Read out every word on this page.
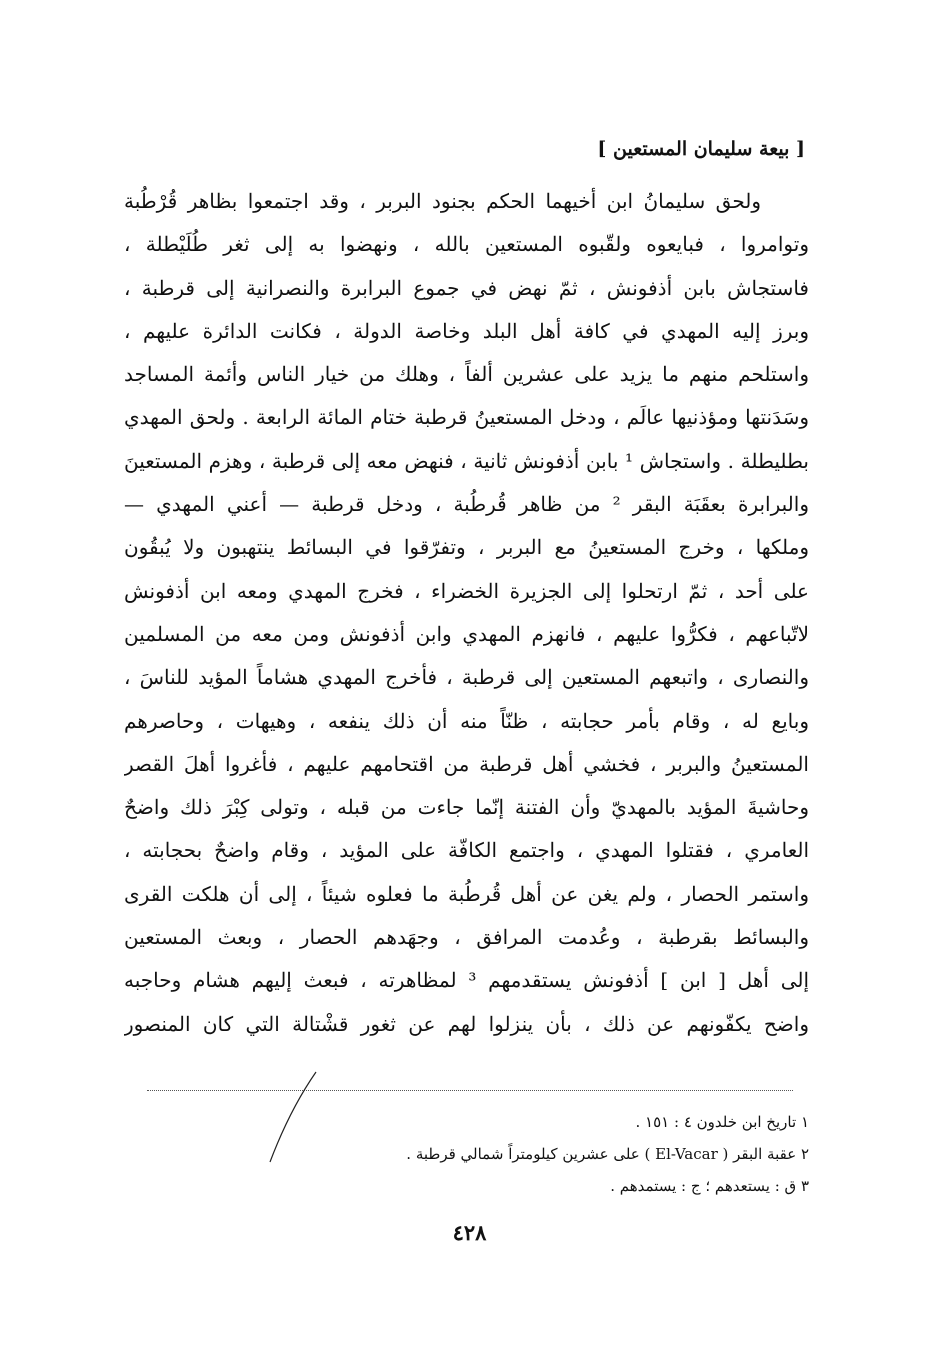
[ بيعة سليمان المستعين ]
ولحق سليمانُ ابن أخيهما الحكم بجنود البربر ، وقد اجتمعوا بظاهر قُرْطُبة
وتوامروا ، فبايعوه ولقّبوه المستعين بالله ، ونهضوا به إلى ثغر طُلَيْطلة ،
فاستجاش بابن أذفونش ، ثمّ نهض في جموع البرابرة والنصرانية إلى قرطبة ،
وبرز إليه المهدي في كافة أهل البلد وخاصة الدولة ، فكانت الدائرة عليهم ،
واستلحم منهم ما يزيد على عشرين ألفاً ، وهلك من خيار الناس وأئمة المساجد
وسَدَنتها ومؤذنيها عالَم ، ودخل المستعينُ قرطبة ختام المائة الرابعة . ولحق المهدي
بطليطلة . واستجاش ¹ بابن أذفونش ثانية ، فنهض معه إلى قرطبة ، وهزم المستعينَ
والبرابرة بعقَبَة البقر ² من ظاهر قُرطُبة ، ودخل قرطبة — أعني المهدي —
وملكها ، وخرج المستعينُ مع البربر ، وتفرّقوا في البسائط ينتهبون ولا يُبقُون
على أحد ، ثمّ ارتحلوا إلى الجزيرة الخضراء ، فخرج المهدي ومعه ابن أذفونش
لاتّباعهم ، فكرُّوا عليهم ، فانهزم المهدي وابن أذفونش ومن معه من المسلمين
والنصارى ، واتبعهم المستعين إلى قرطبة ، فأخرج المهدي هشاماً المؤيد للناسَ ،
وبايع له ، وقام بأمر حجابته ، ظنّاً منه أن ذلك ينفعه ، وهيهات ، وحاصرهم
المستعينُ والبربر ، فخشي أهل قرطبة من اقتحامهم عليهم ، فأغروا أهلَ القصر
وحاشيةَ المؤيد بالمهديّ وأن الفتنة إنّما جاءت من قبله ، وتولى كِبْرَ ذلك واضحٌ
العامري ، فقتلوا المهدي ، واجتمع الكافّة على المؤيد ، وقام واضحٌ بحجابته ،
واستمر الحصار ، ولم يغن عن أهل قُرطُبة ما فعلوه شيئاً ، إلى أن هلكت القرى
والبسائط بقرطبة ، وعُدمت المرافق ، وجهَدهم الحصار ، وبعث المستعين
إلى أهل [ ابن ] أذفونش يستقدمهم ³ لمظاهرته ، فبعث إليهم هشام وحاجبه
واضح يكفّونهم عن ذلك ، بأن ينزلوا لهم عن ثغور قشْتالة التي كان المنصور
١ تاريخ ابن خلدون ٤ : ١٥١ .
٢ عقبة البقر ( El-Vacar ) على عشرين كيلومتراً شمالي قرطبة .
٣ ق : يستعدهم ؛ ج : يستمدهم .
٤٢٨
